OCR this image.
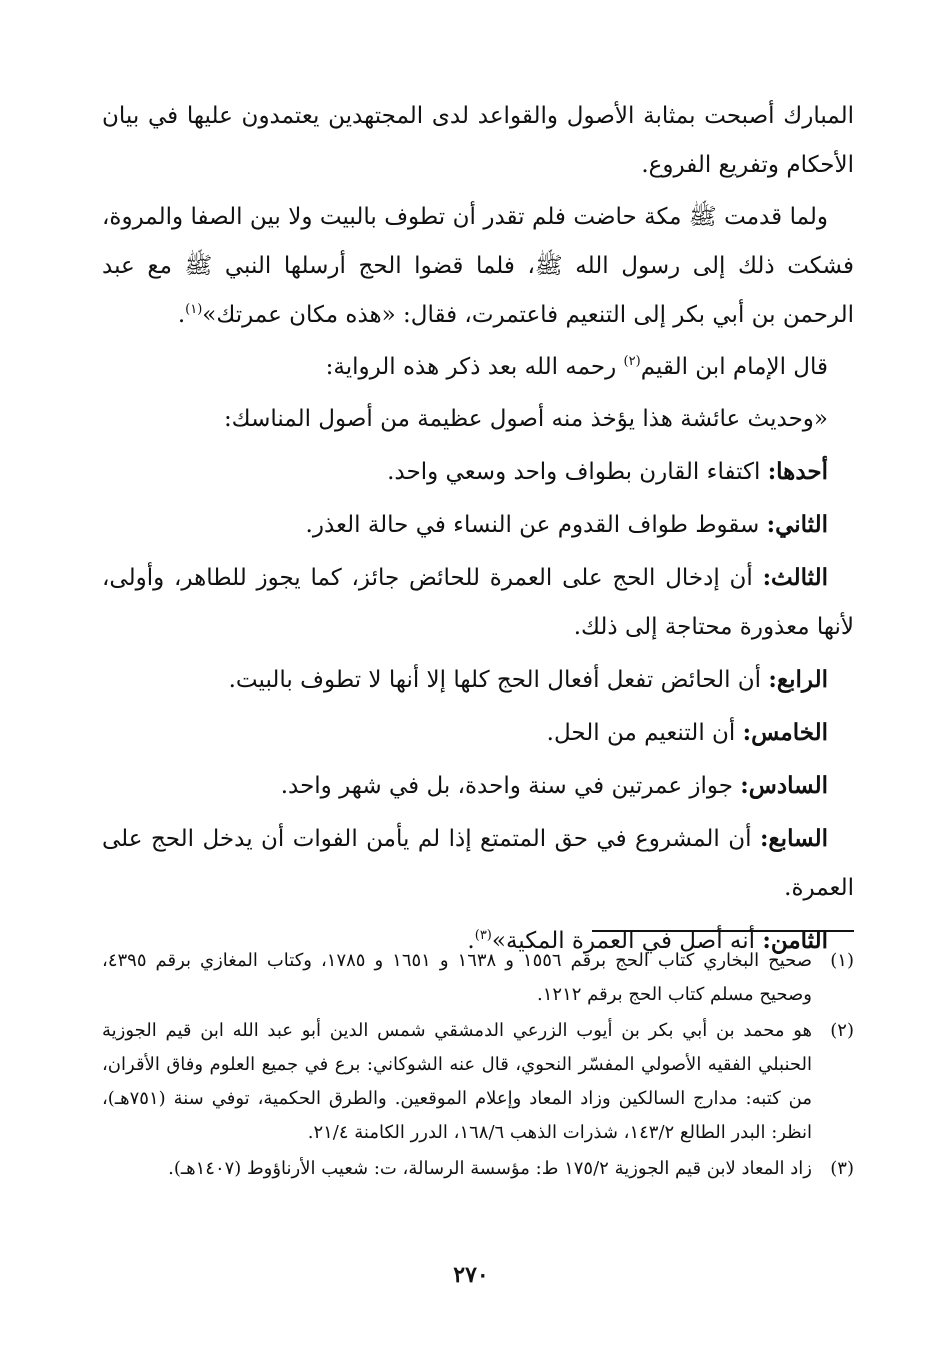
المبارك أصبحت بمثابة الأصول والقواعد لدى المجتهدين يعتمدون عليها في بيان الأحكام وتفريع الفروع.

ولما قدمت ﷺ مكة حاضت فلم تقدر أن تطوف بالبيت ولا بين الصفا والمروة، فشكت ذلك إلى رسول الله ﷺ، فلما قضوا الحج أرسلها النبي ﷺ مع عبد الرحمن بن أبي بكر إلى التنعيم فاعتمرت، فقال: «هذه مكان عمرتك»$^{(١)}$.

قال الإمام ابن القيم$^{(٢)}$ رحمه الله بعد ذكر هذه الرواية:

«وحديث عائشة هذا يؤخذ منه أصول عظيمة من أصول المناسك:

أحدها: اكتفاء القارن بطواف واحد وسعي واحد.

الثاني: سقوط طواف القدوم عن النساء في حالة العذر.

الثالث: أن إدخال الحج على العمرة للحائض جائز، كما يجوز للطاهر، وأولى، لأنها معذورة محتاجة إلى ذلك.

الرابع: أن الحائض تفعل أفعال الحج كلها إلا أنها لا تطوف بالبيت.

الخامس: أن التنعيم من الحل.

السادس: جواز عمرتين في سنة واحدة، بل في شهر واحد.

السابع: أن المشروع في حق المتمتع إذا لم يأمن الفوات أن يدخل الحج على العمرة.

الثامن: أنه أصل في العمرة المكية»$^{(٣)}$.

(١)
صحيح البخاري كتاب الحج برقم ١٥٥٦ و ١٦٣٨ و ١٦٥١ و ١٧٨٥، وكتاب المغازي برقم ٤٣٩٥، وصحيح مسلم كتاب الحج برقم ١٢١٢.
(٢)
هو محمد بن أبي بكر بن أيوب الزرعي الدمشقي شمس الدين أبو عبد الله ابن قيم الجوزية الحنبلي الفقيه الأصولي المفسّر النحوي، قال عنه الشوكاني: برع في جميع العلوم وفاق الأقران، من كتبه: مدارج السالكين وزاد المعاد وإعلام الموقعين. والطرق الحكمية، توفي سنة (٧٥١هـ)، انظر: البدر الطالع ١٤٣/٢، شذرات الذهب ١٦٨/٦، الدرر الكامنة ٢١/٤.
(٣)
زاد المعاد لابن قيم الجوزية ١٧٥/٢ ط: مؤسسة الرسالة، ت: شعيب الأرناؤوط (١٤٠٧هـ).
٢٧٠
